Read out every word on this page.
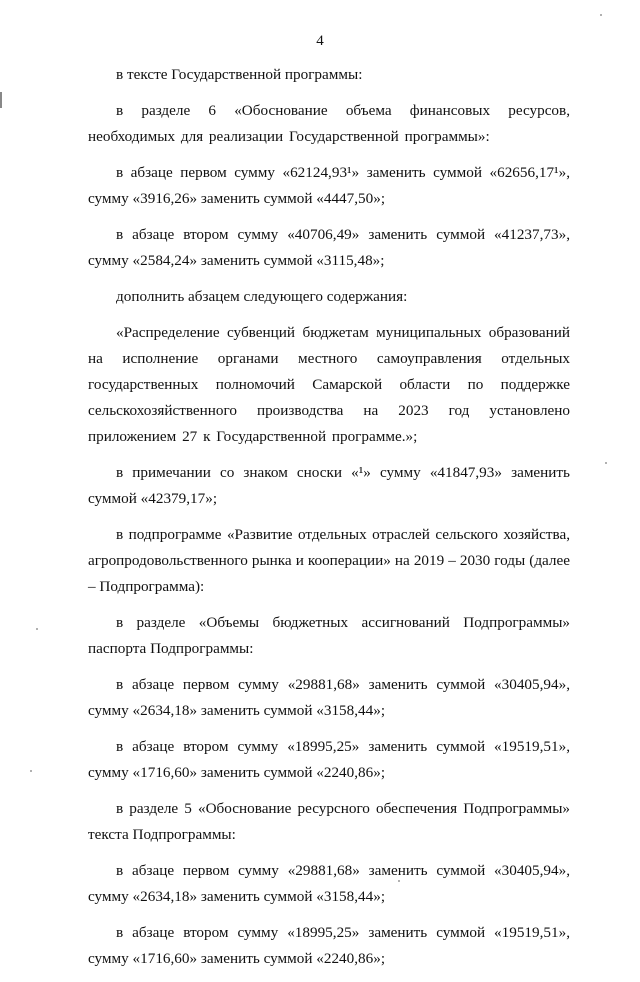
4

в тексте Государственной программы:

в разделе 6 «Обоснование объема финансовых ресурсов, необходимых для реализации Государственной программы»:

в абзаце первом сумму «62124,93¹» заменить суммой «62656,17¹», сумму «3916,26» заменить суммой «4447,50»;

в абзаце втором сумму «40706,49» заменить суммой «41237,73», сумму «2584,24» заменить суммой «3115,48»;

дополнить абзацем следующего содержания:

«Распределение субвенций бюджетам муниципальных образований на исполнение органами местного самоуправления отдельных государственных полномочий Самарской области по поддержке сельскохозяйственного производства на 2023 год установлено приложением 27 к Государственной программе.»;

в примечании со знаком сноски «¹» сумму «41847,93» заменить суммой «42379,17»;

в подпрограмме «Развитие отдельных отраслей сельского хозяйства, агропродовольственного рынка и кооперации» на 2019 – 2030 годы (далее – Подпрограмма):

в разделе «Объемы бюджетных ассигнований Подпрограммы» паспорта Подпрограммы:

в абзаце первом сумму «29881,68» заменить суммой «30405,94», сумму «2634,18» заменить суммой «3158,44»;

в абзаце втором сумму «18995,25» заменить суммой «19519,51», сумму «1716,60» заменить суммой «2240,86»;

в разделе 5 «Обоснование ресурсного обеспечения Подпрограммы» текста Подпрограммы:

в абзаце первом сумму «29881,68» заменить суммой «30405,94», сумму «2634,18» заменить суммой «3158,44»;

в абзаце втором сумму «18995,25» заменить суммой «19519,51», сумму «1716,60» заменить суммой «2240,86»;
